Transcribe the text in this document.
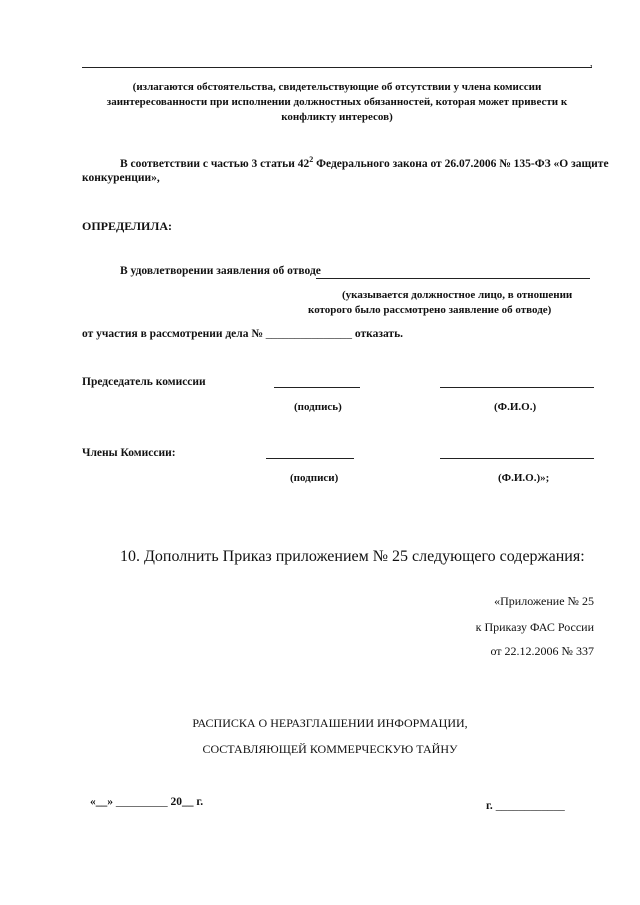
,
(излагаются обстоятельства, свидетельствующие об отсутствии у члена комиссии
заинтересованности при исполнении должностных обязанностей, которая может привести к
конфликту интересов)
В соответствии с частью 3 статьи $42^2$ Федерального закона от 26.07.2006 № 135-ФЗ «О защите
конкуренции»,
ОПРЕДЕЛИЛА:
В удовлетворении заявления об отводе
(указывается должностное лицо, в отношении
которого было рассмотрено заявление об отводе)
от участия в рассмотрении дела № _______________ отказать.
Председатель комиссии
(подпись)	(Ф.И.О.)
Члены Комиссии:
(подписи)	(Ф.И.О.)»;
10. Дополнить Приказ приложением № 25 следующего содержания:
«Приложение № 25
к Приказу ФАС России
от 22.12.2006 № 337
РАСПИСКА О НЕРАЗГЛАШЕНИИ ИНФОРМАЦИИ,
СОСТАВЛЯЮЩЕЙ КОММЕРЧЕСКУЮ ТАЙНУ
«__» _________ 20__ г.	г. ____________
